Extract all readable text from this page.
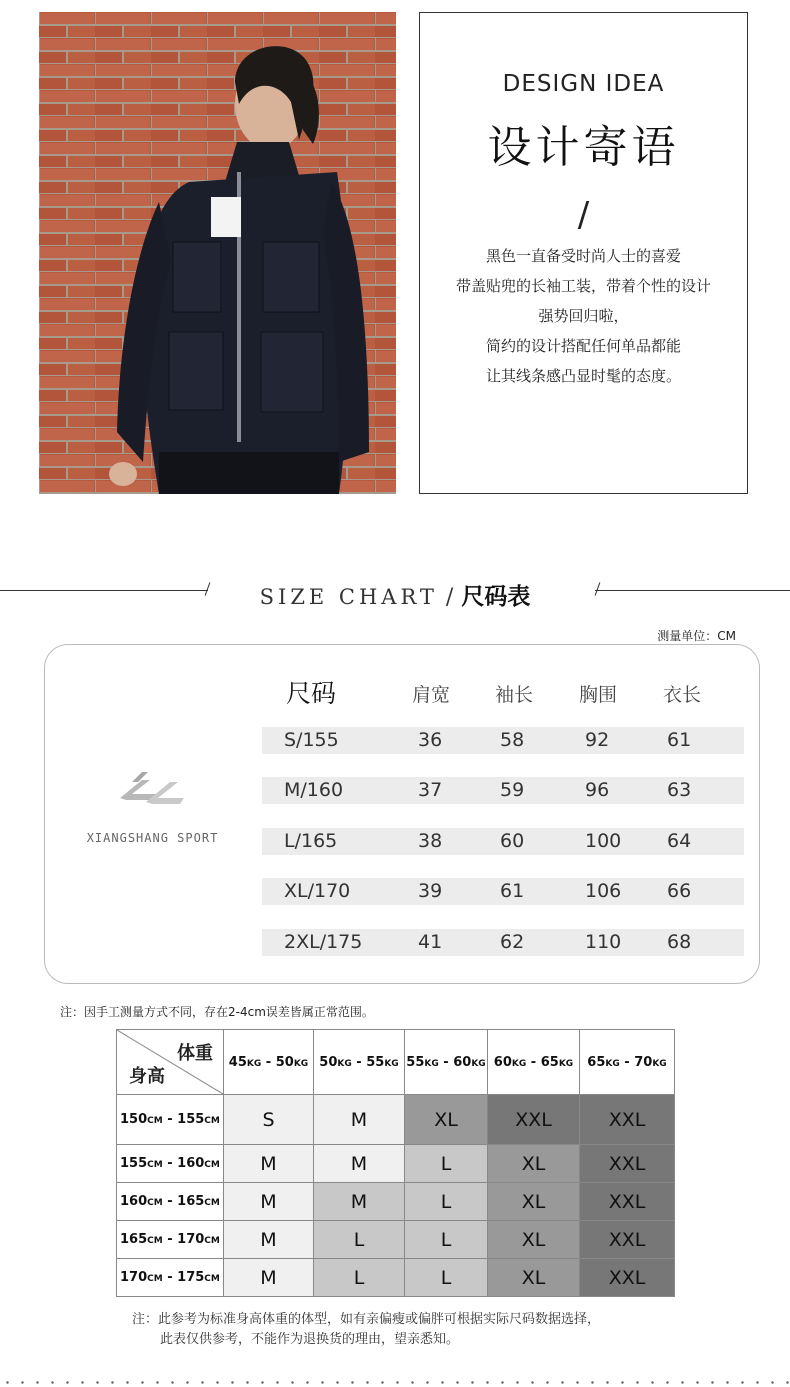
DESIGN IDEA
设计寄语
/
黑色一直备受时尚人士的喜爱
带盖贴兜的长袖工装，带着个性的设计
强势回归啦，
简约的设计搭配任何单品都能
让其线条感凸显时髦的态度。
SIZE CHART / 尺码表
测量单位：CM
XIANGSHANG SPORT
尺码	肩宽 袖长 胸围 衣长
S/155	36	58	92	61
M/160	37	59	96	63
L/165	38	60	100 64
XL/170	39	61	106 66
2XL/175	41	62	110 68
注：因手工测量方式不同，存在2-4cm误差皆属正常范围。
体重
身高	45KG - 50KG	50KG - 55KG	55KG - 60KG	60KG - 65KG	65KG - 70KG
150CM - 155CM	S	M	XL	XXL	XXL
155CM - 160CM	M	M	L	XL	XXL
160CM - 165CM	M	M	L	XL	XXL
165CM - 170CM	M	L	L	XL	XXL
170CM - 175CM	M	L	L	XL	XXL
注：此参考为标准身高体重的体型，如有亲偏瘦或偏胖可根据实际尺码数据选择，
此表仅供参考，不能作为退换货的理由，望亲悉知。
